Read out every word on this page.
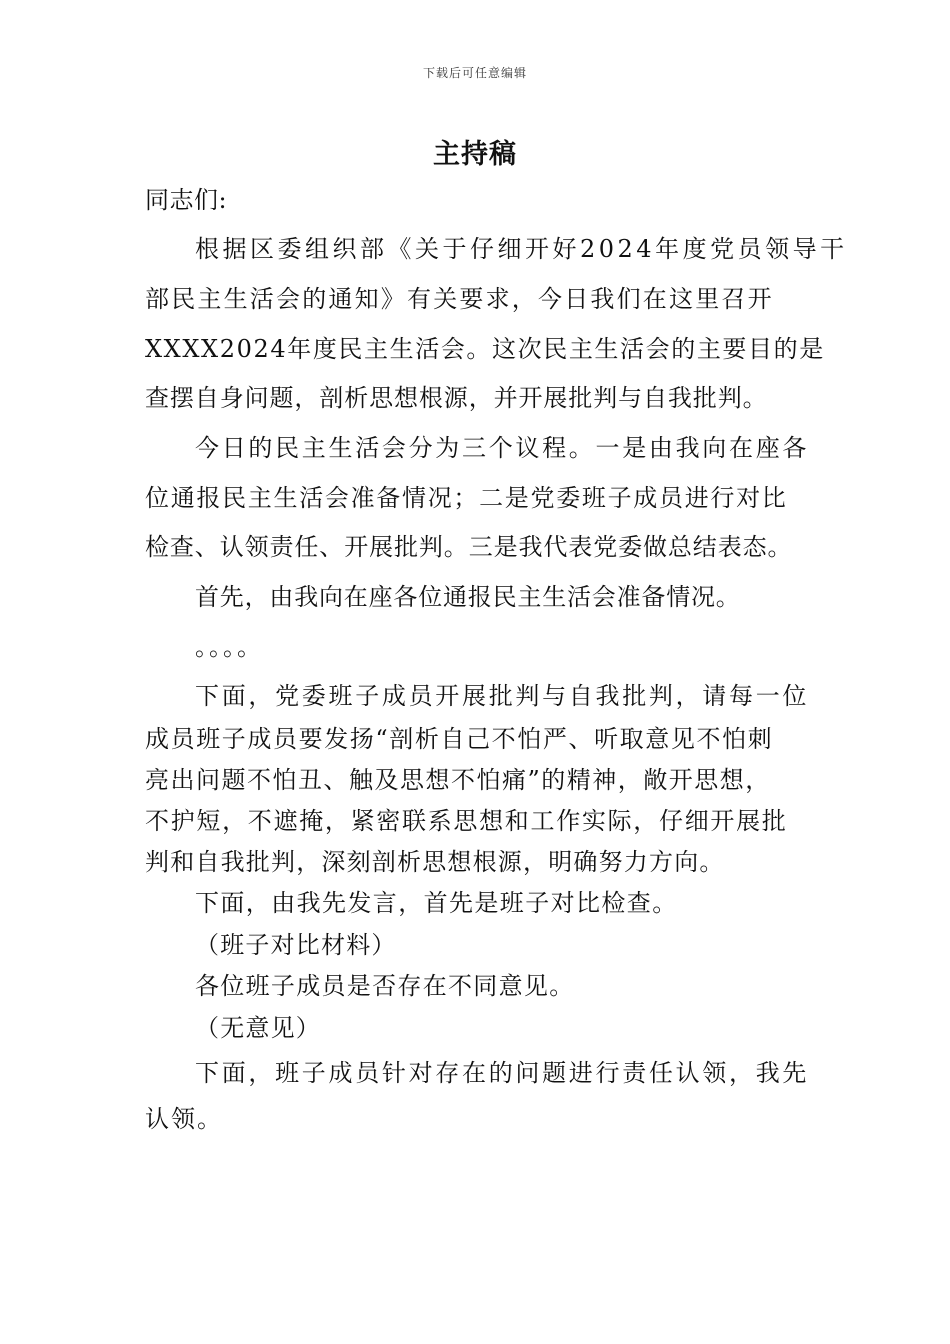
下载后可任意编辑
主持稿
同志们:
根据区委组织部《关于仔细开好2024年度党员领导干
部民主生活会的通知》有关要求，今日我们在这里召开
XXXX2024年度民主生活会。这次民主生活会的主要目的是
查摆自身问题，剖析思想根源，并开展批判与自我批判。
今日的民主生活会分为三个议程。一是由我向在座各
位通报民主生活会准备情况；二是党委班子成员进行对比
检查、认领责任、开展批判。三是我代表党委做总结表态。
首先，由我向在座各位通报民主生活会准备情况。
。。。。
下面，党委班子成员开展批判与自我批判，请每一位
成员班子成员要发扬“剖析自己不怕严、听取意见不怕刺
亮出问题不怕丑、触及思想不怕痛”的精神，敞开思想，
不护短，不遮掩，紧密联系思想和工作实际，仔细开展批
判和自我批判，深刻剖析思想根源，明确努力方向。
下面，由我先发言，首先是班子对比检查。
（班子对比材料）
各位班子成员是否存在不同意见。
（无意见）
下面，班子成员针对存在的问题进行责任认领，我先
认领。
